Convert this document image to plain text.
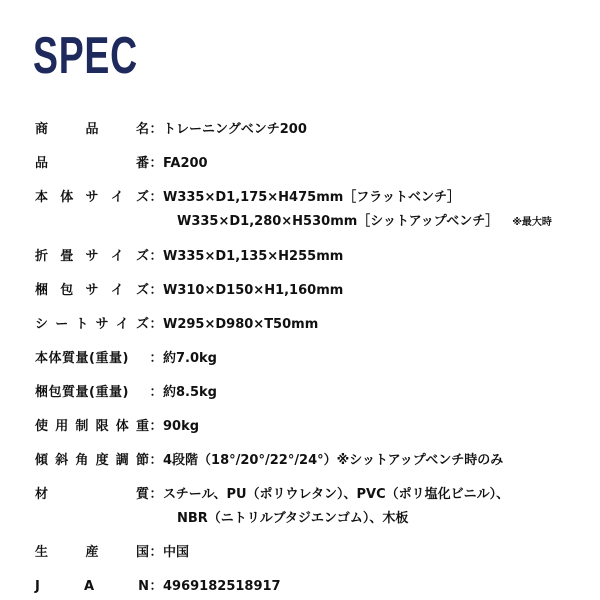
SPEC
商	品	名 ： トレーニングベンチ200
品	番 ： FA200
本 体 サ イ ズ ： W335×D1,175×H475mm［フラットベンチ］
W335×D1,280×H530mm［シットアップベンチ］ ※最大時
折 畳 サ イ ズ ： W335×D1,135×H255mm
梱 包 サ イ ズ ： W310×D150×H1,160mm
シ ー ト サ イ ズ ： W295×D980×T50mm
本体質量(重量)	： 約7.0kg
梱包質量(重量)	： 約8.5kg
使 用 制 限 体 重 ： 90kg
傾 斜 角 度 調 節 ： 4段階（18°/20°/22°/24°）※シットアップベンチ時のみ
材	質 ： スチール、PU（ポリウレタン）、PVC（ポリ塩化ビニル）、
NBR（ニトリルブタジエンゴム）、木板
生	産	国 ： 中国
J	A	N ： 4969182518917
